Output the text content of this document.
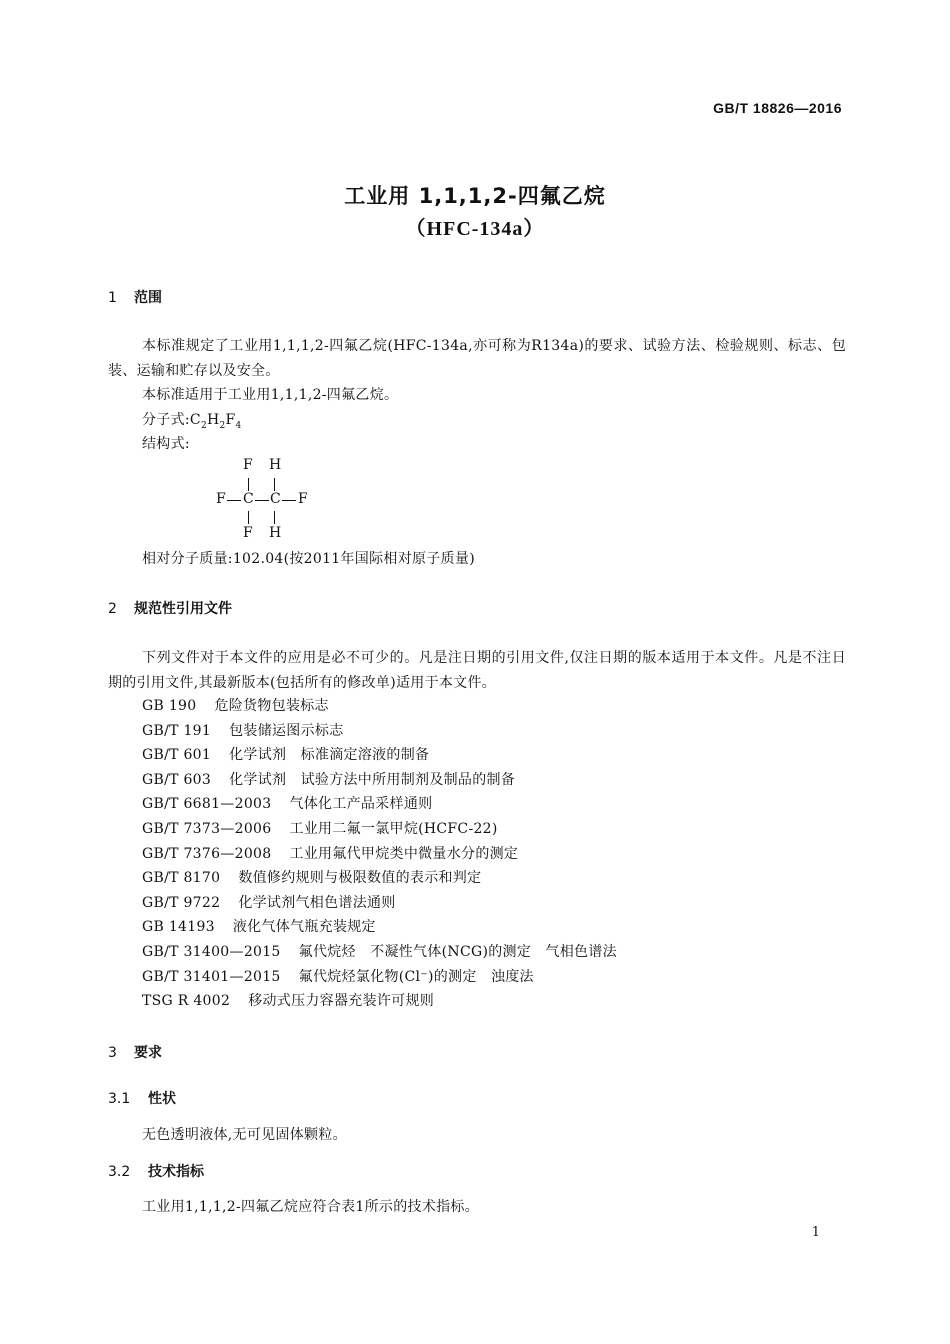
GB/T 18826—2016
工业用 1,1,1,2-四氟乙烷
（HFC-134a）
1 范围
本标准规定了工业用1,1,1,2-四氟乙烷(HFC-134a,亦可称为R134a)的要求、试验方法、检验规则、标志、包装、运输和贮存以及安全。
本标准适用于工业用1,1,1,2-四氟乙烷。
分子式$:C_2H_2F_4$
结构式:
F H
F C C F
F H
相对分子质量:102.04(按2011年国际相对原子质量)
2 规范性引用文件
下列文件对于本文件的应用是必不可少的。凡是注日期的引用文件,仅注日期的版本适用于本文件。凡是不注日期的引用文件,其最新版本(包括所有的修改单)适用于本文件。
GB 190 危险货物包装标志
GB/T 191 包装储运图示标志
GB/T 601 化学试剂　标准滴定溶液的制备
GB/T 603 化学试剂　试验方法中所用制剂及制品的制备
GB/T 6681—2003 气体化工产品采样通则
GB/T 7373—2006 工业用二氟一氯甲烷(HCFC-22)
GB/T 7376—2008 工业用氟代甲烷类中微量水分的测定
GB/T 8170 数值修约规则与极限数值的表示和判定
GB/T 9722 化学试剂气相色谱法通则
GB 14193 液化气体气瓶充装规定
GB/T 31400—2015 氟代烷烃　不凝性气体(NCG)的测定　气相色谱法
GB/T 31401—2015 氟代烷烃氯化物(Cl⁻)的测定　浊度法
TSG R 4002 移动式压力容器充装许可规则
3 要求
3.1 性状
无色透明液体,无可见固体颗粒。
3.2 技术指标
工业用1,1,1,2-四氟乙烷应符合表1所示的技术指标。
1
